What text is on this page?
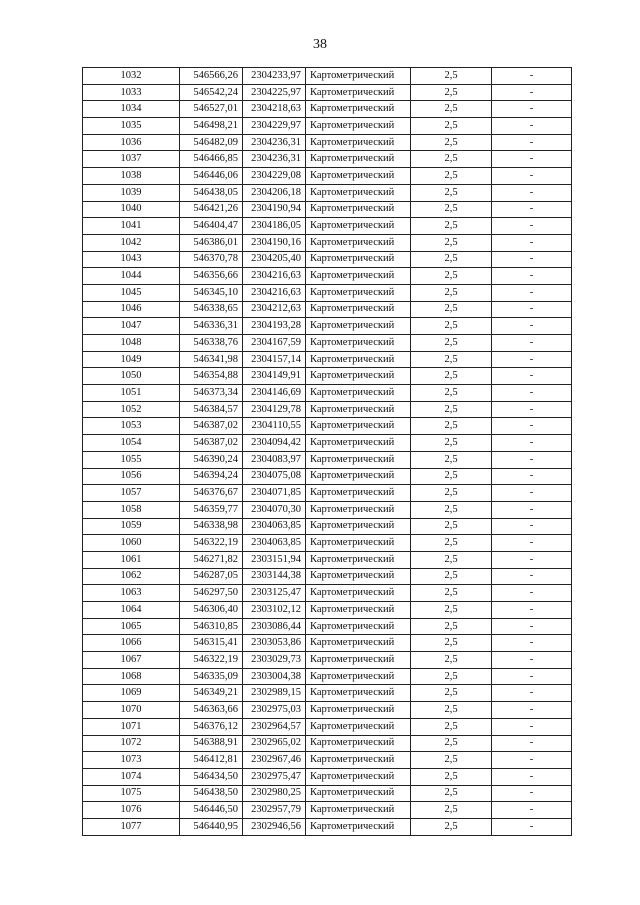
38
1032	546566,26	2304233,97	Картометрический	2,5	-
1033	546542,24	2304225,97	Картометрический	2,5	-
1034	546527,01	2304218,63	Картометрический	2,5	-
1035	546498,21	2304229,97	Картометрический	2,5	-
1036	546482,09	2304236,31	Картометрический	2,5	-
1037	546466,85	2304236,31	Картометрический	2,5	-
1038	546446,06	2304229,08	Картометрический	2,5	-
1039	546438,05	2304206,18	Картометрический	2,5	-
1040	546421,26	2304190,94	Картометрический	2,5	-
1041	546404,47	2304186,05	Картометрический	2,5	-
1042	546386,01	2304190,16	Картометрический	2,5	-
1043	546370,78	2304205,40	Картометрический	2,5	-
1044	546356,66	2304216,63	Картометрический	2,5	-
1045	546345,10	2304216,63	Картометрический	2,5	-
1046	546338,65	2304212,63	Картометрический	2,5	-
1047	546336,31	2304193,28	Картометрический	2,5	-
1048	546338,76	2304167,59	Картометрический	2,5	-
1049	546341,98	2304157,14	Картометрический	2,5	-
1050	546354,88	2304149,91	Картометрический	2,5	-
1051	546373,34	2304146,69	Картометрический	2,5	-
1052	546384,57	2304129,78	Картометрический	2,5	-
1053	546387,02	2304110,55	Картометрический	2,5	-
1054	546387,02	2304094,42	Картометрический	2,5	-
1055	546390,24	2304083,97	Картометрический	2,5	-
1056	546394,24	2304075,08	Картометрический	2,5	-
1057	546376,67	2304071,85	Картометрический	2,5	-
1058	546359,77	2304070,30	Картометрический	2,5	-
1059	546338,98	2304063,85	Картометрический	2,5	-
1060	546322,19	2304063,85	Картометрический	2,5	-
1061	546271,82	2303151,94	Картометрический	2,5	-
1062	546287,05	2303144,38	Картометрический	2,5	-
1063	546297,50	2303125,47	Картометрический	2,5	-
1064	546306,40	2303102,12	Картометрический	2,5	-
1065	546310,85	2303086,44	Картометрический	2,5	-
1066	546315,41	2303053,86	Картометрический	2,5	-
1067	546322,19	2303029,73	Картометрический	2,5	-
1068	546335,09	2303004,38	Картометрический	2,5	-
1069	546349,21	2302989,15	Картометрический	2,5	-
1070	546363,66	2302975,03	Картометрический	2,5	-
1071	546376,12	2302964,57	Картометрический	2,5	-
1072	546388,91	2302965,02	Картометрический	2,5	-
1073	546412,81	2302967,46	Картометрический	2,5	-
1074	546434,50	2302975,47	Картометрический	2,5	-
1075	546438,50	2302980,25	Картометрический	2,5	-
1076	546446,50	2302957,79	Картометрический	2,5	-
1077	546440,95	2302946,56	Картометрический	2,5	-
